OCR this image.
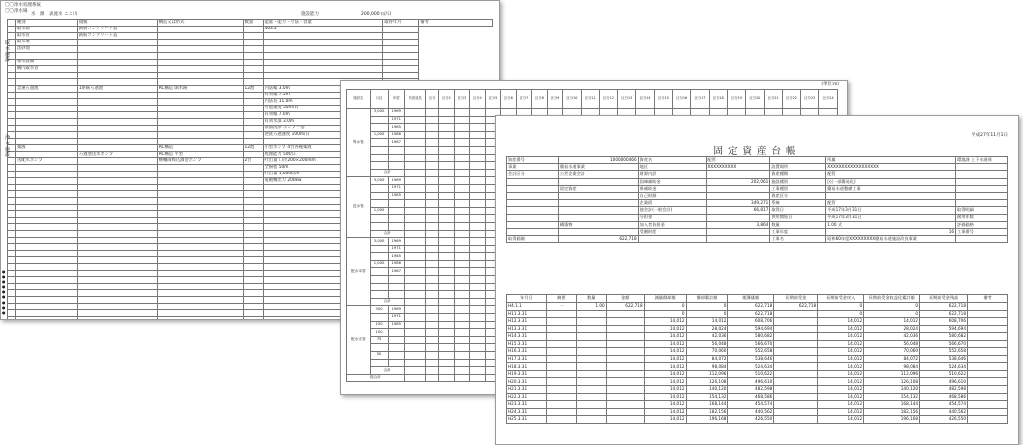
〇〇浄水処理系統
〇〇浄水場
水　源　表流水 ここ川	施設能力	200,000 ㎥/日
	種別	規模	構造又は形式	数量	能量・能力・寸法・容量	取得年月	備考
	取水塔	鉄筋コンクリート造			363.2		
	取水管	鉄筋コンクリート造					
	取水堰						
	沈砂池						

	導水設備						
	構内取水管						

	急速ろ過池	1系統ろ過池	RC構造 開水路	12池	内法幅 3.0m		
					有効幅 7.5m		
					内法長 11.0m		
					ろ過速度 50m/日		
					有効幅 7.0m		
					有効水深 3.0m		
					表面洗浄 ポンプ一基		
					逆洗ろ過速度 100m/日		

	薬液		RC構造	12池	小型ポンプ 4台各種薬液		
		ろ過池送水ポンプ	RC構造 平型		処理能力 50t/日		
	送配水ポンプ		横軸両吸込渦巻ポンプ	2台	吐出量 口径200×200mm		
					全揚程 50m		
					吐出量 1,000㎥/h		
					電動機出力 200kw		

取水施設
浄水施設
●
●
●
●
●
●
●
●
●
(単位:m)
施設名	口径	年度	布設延長	区分	区分2	区分3	区分4	区分5	区分6	区分7	区分8	区分9	区分10	区分11	区分12	区分13	区分14	区分15	区分16	区分17	区分18	区分19	区分20	区分21	区分22	区分23	区分24
導水管	3,000	1969																									
		1971																									
		1985																									
	1,000	1986																									
		1987																									

	合計																										
送水管	3,000	1969																									
		1971																									
		1985																									

	1,000																										

	合計																										
配水本管	3,000	1969																									
		1971																									
		1985																									
	1,000	1986																									
		1987																									

	合計																										
配水支管	300	1969																									
		1971																									
	150	1985																									
	100																										
	75																										

	50																										

	合計																										
総合計																											
平成27年11月1日
固定資産台帳
資産番号	1000000466	資産名	配管		所属	環境課 上下水道係
事業	簡易水道事業	地区	XXXXXXXXXX	設置場所	XXXXXXXXXXXXXXXXXX	
会計区分	公営企業会計	財源内訳		資産種類	配管	
		国庫補助金	202,061	施設種別	区(一部簡易化)	
	固定資産	県補助金		工事種別	簡易水道整備工事	
		自己財源		資産区分		
		企業債	349,271	系統	配管	
		他会計(一般会計)	66,817	取得日	平成17年3月31日	取得明細
		分担金		供用開始日	平成17年3月31日	耐用年数
	構築物	加入者負担金	3,864	数量	1.00 式	評価価格
		受贈財産		工事年度	16	工事番号
取得価額	622,718			工事名	昭和60年度XXXXXXXXX簡易水道施設改良事業	
年月日	摘要	数量	金額	減価償却額	償却累計額	帳簿価額	長期前受金	長期前受金戻入	長期前受金収益化累計額	長期前受金残高	備考
H4.1.1	一	1.00	622,718	0	0	622,718	622,718	0	0	622,718	
H11.3.31				0	0	622,718		0	0	622,718	
H12.3.31				14,012	14,012	608,706		14,012	14,012	608,706	
H13.3.31				14,012	28,024	594,694		14,012	28,024	594,694	
H14.3.31				14,012	42,036	580,682		14,012	42,036	580,682	
H15.3.31				14,012	56,048	566,670		14,012	56,048	566,670	
H16.3.31				14,012	70,060	552,658		14,012	70,060	552,658	
H17.3.31				14,012	84,072	538,646		14,012	84,072	538,646	
H18.3.31				14,012	98,084	524,634		14,012	98,084	524,634	
H19.3.31				14,012	112,096	510,622		14,012	112,096	510,622	
H20.3.31				14,012	126,108	496,610		14,012	126,108	496,610	
H21.3.31				14,012	140,120	482,598		14,012	140,120	482,598	
H22.3.31				14,012	154,132	468,586		14,012	154,132	468,586	
H23.3.31				14,012	168,144	454,574		14,012	168,144	454,574	
H24.3.31				14,012	182,156	440,562		14,012	182,156	440,562	
H25.3.31				14,012	196,168	426,550		14,012	196,168	426,550	
